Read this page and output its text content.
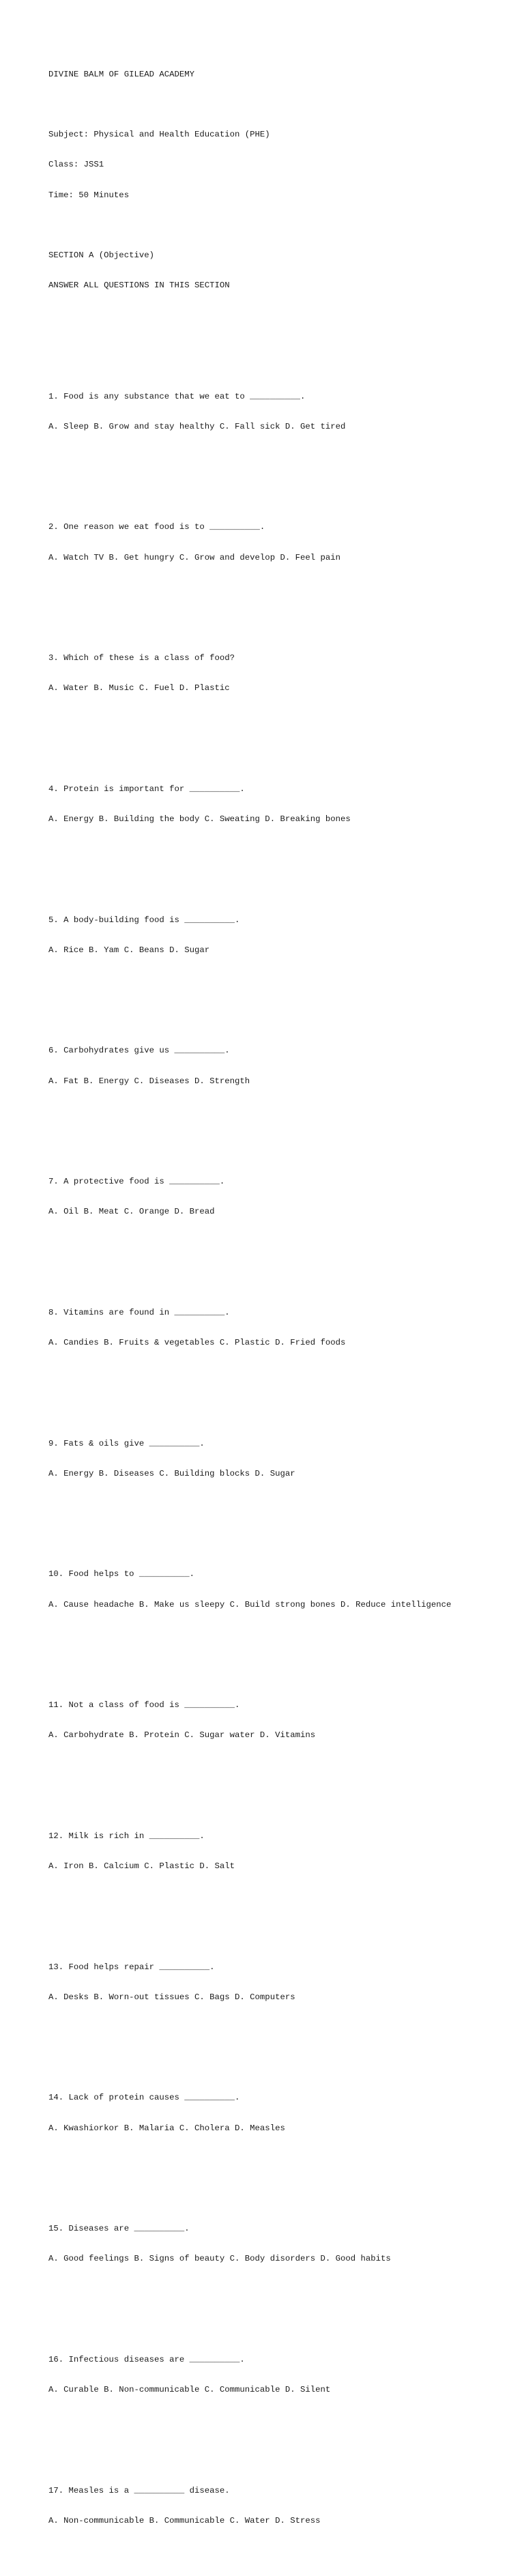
DIVINE BALM OF GILEAD ACADEMY

Subject: Physical and Health Education (PHE)

Class: JSS1

Time: 50 Minutes

SECTION A (Objective)

ANSWER ALL QUESTIONS IN THIS SECTION

1. Food is any substance that we eat to __________.

A. Sleep B. Grow and stay healthy C. Fall sick D. Get tired

2. One reason we eat food is to __________.

A. Watch TV B. Get hungry C. Grow and develop D. Feel pain

3. Which of these is a class of food?

A. Water B. Music C. Fuel D. Plastic

4. Protein is important for __________.

A. Energy B. Building the body C. Sweating D. Breaking bones

5. A body-building food is __________.

A. Rice B. Yam C. Beans D. Sugar

6. Carbohydrates give us __________.

A. Fat B. Energy C. Diseases D. Strength

7. A protective food is __________.

A. Oil B. Meat C. Orange D. Bread

8. Vitamins are found in __________.

A. Candies B. Fruits & vegetables C. Plastic D. Fried foods

9. Fats & oils give __________.

A. Energy B. Diseases C. Building blocks D. Sugar

10. Food helps to __________.

A. Cause headache B. Make us sleepy C. Build strong bones D. Reduce intelligence

11. Not a class of food is __________.

A. Carbohydrate B. Protein C. Sugar water D. Vitamins

12. Milk is rich in __________.

A. Iron B. Calcium C. Plastic D. Salt

13. Food helps repair __________.

A. Desks B. Worn-out tissues C. Bags D. Computers

14. Lack of protein causes __________.

A. Kwashiorkor B. Malaria C. Cholera D. Measles

15. Diseases are __________.

A. Good feelings B. Signs of beauty C. Body disorders D. Good habits

16. Infectious diseases are __________.

A. Curable B. Non-communicable C. Communicable D. Silent

17. Measles is a __________ disease.

A. Non-communicable B. Communicable C. Water D. Stress
